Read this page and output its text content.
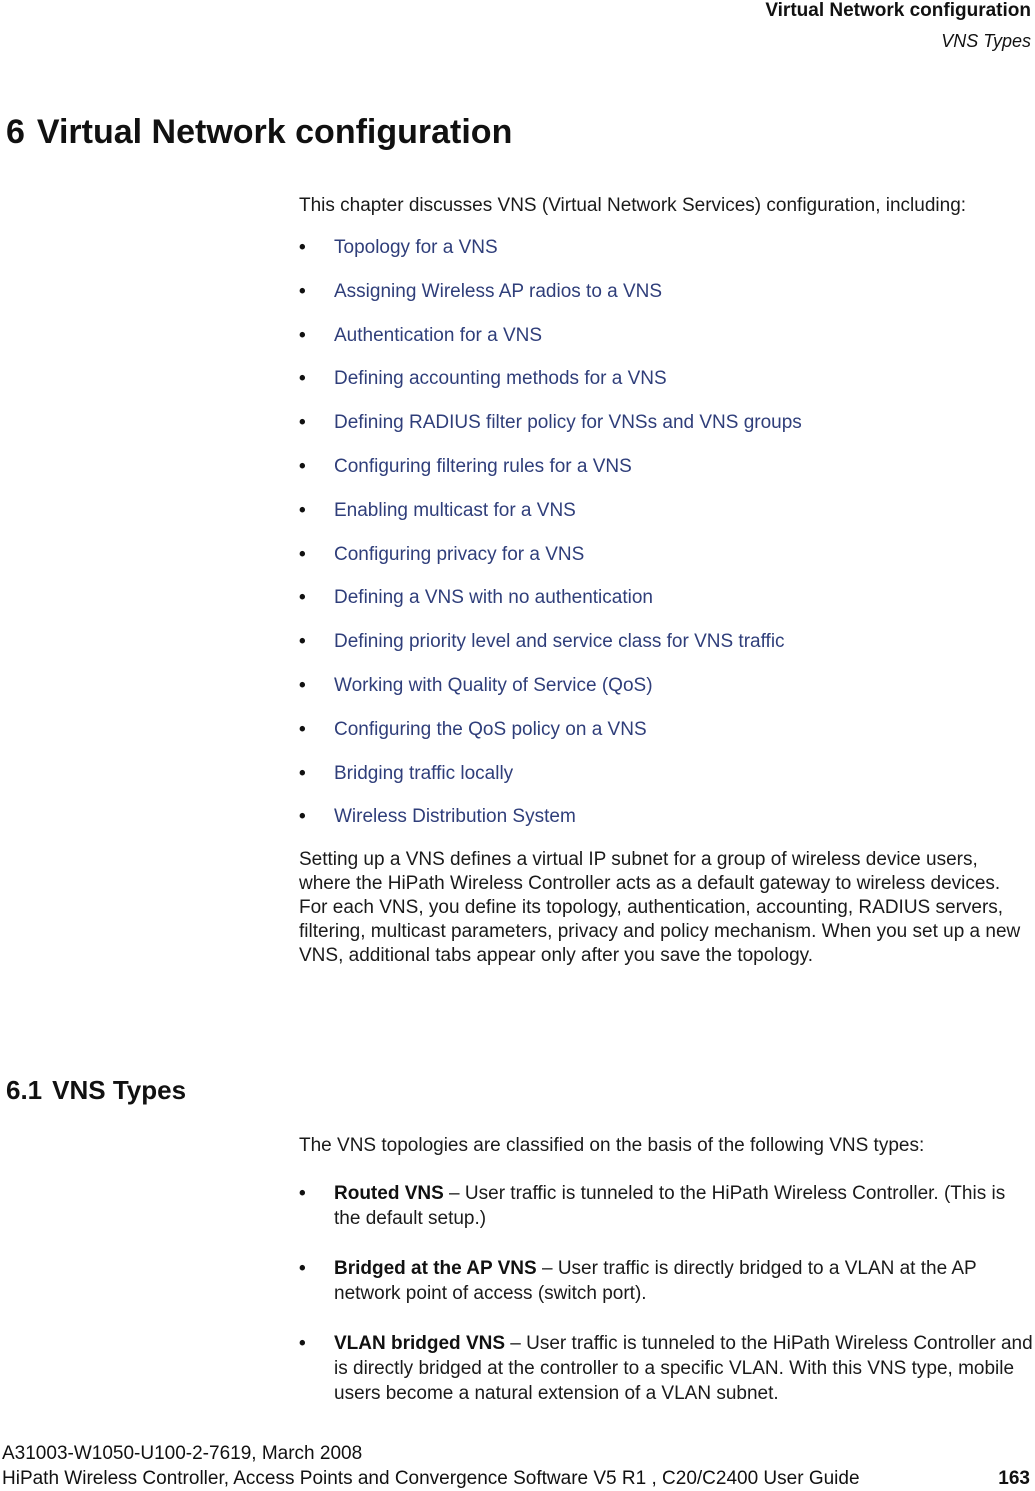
Virtual Network configuration
VNS Types
6 Virtual Network configuration

This chapter discusses VNS (Virtual Network Services) configuration, including:

• Topology for a VNS
• Assigning Wireless AP radios to a VNS
• Authentication for a VNS
• Defining accounting methods for a VNS
• Defining RADIUS filter policy for VNSs and VNS groups
• Configuring filtering rules for a VNS
• Enabling multicast for a VNS
• Configuring privacy for a VNS
• Defining a VNS with no authentication
• Defining priority level and service class for VNS traffic
• Working with Quality of Service (QoS)
• Configuring the QoS policy on a VNS
• Bridging traffic locally
• Wireless Distribution System

Setting up a VNS defines a virtual IP subnet for a group of wireless device users, where the HiPath Wireless Controller acts as a default gateway to wireless devices. For each VNS, you define its topology, authentication, accounting, RADIUS servers, filtering, multicast parameters, privacy and policy mechanism. When you set up a new VNS, additional tabs appear only after you save the topology.

6.1 VNS Types

The VNS topologies are classified on the basis of the following VNS types:

• Routed VNS – User traffic is tunneled to the HiPath Wireless Controller. (This is the default setup.)
• Bridged at the AP VNS – User traffic is directly bridged to a VLAN at the AP network point of access (switch port).
• VLAN bridged VNS – User traffic is tunneled to the HiPath Wireless Controller and is directly bridged at the controller to a specific VLAN. With this VNS type, mobile users become a natural extension of a VLAN subnet.
A31003-W1050-U100-2-7619, March 2008
HiPath Wireless Controller, Access Points and Convergence Software V5 R1 , C20/C2400 User Guide	163
